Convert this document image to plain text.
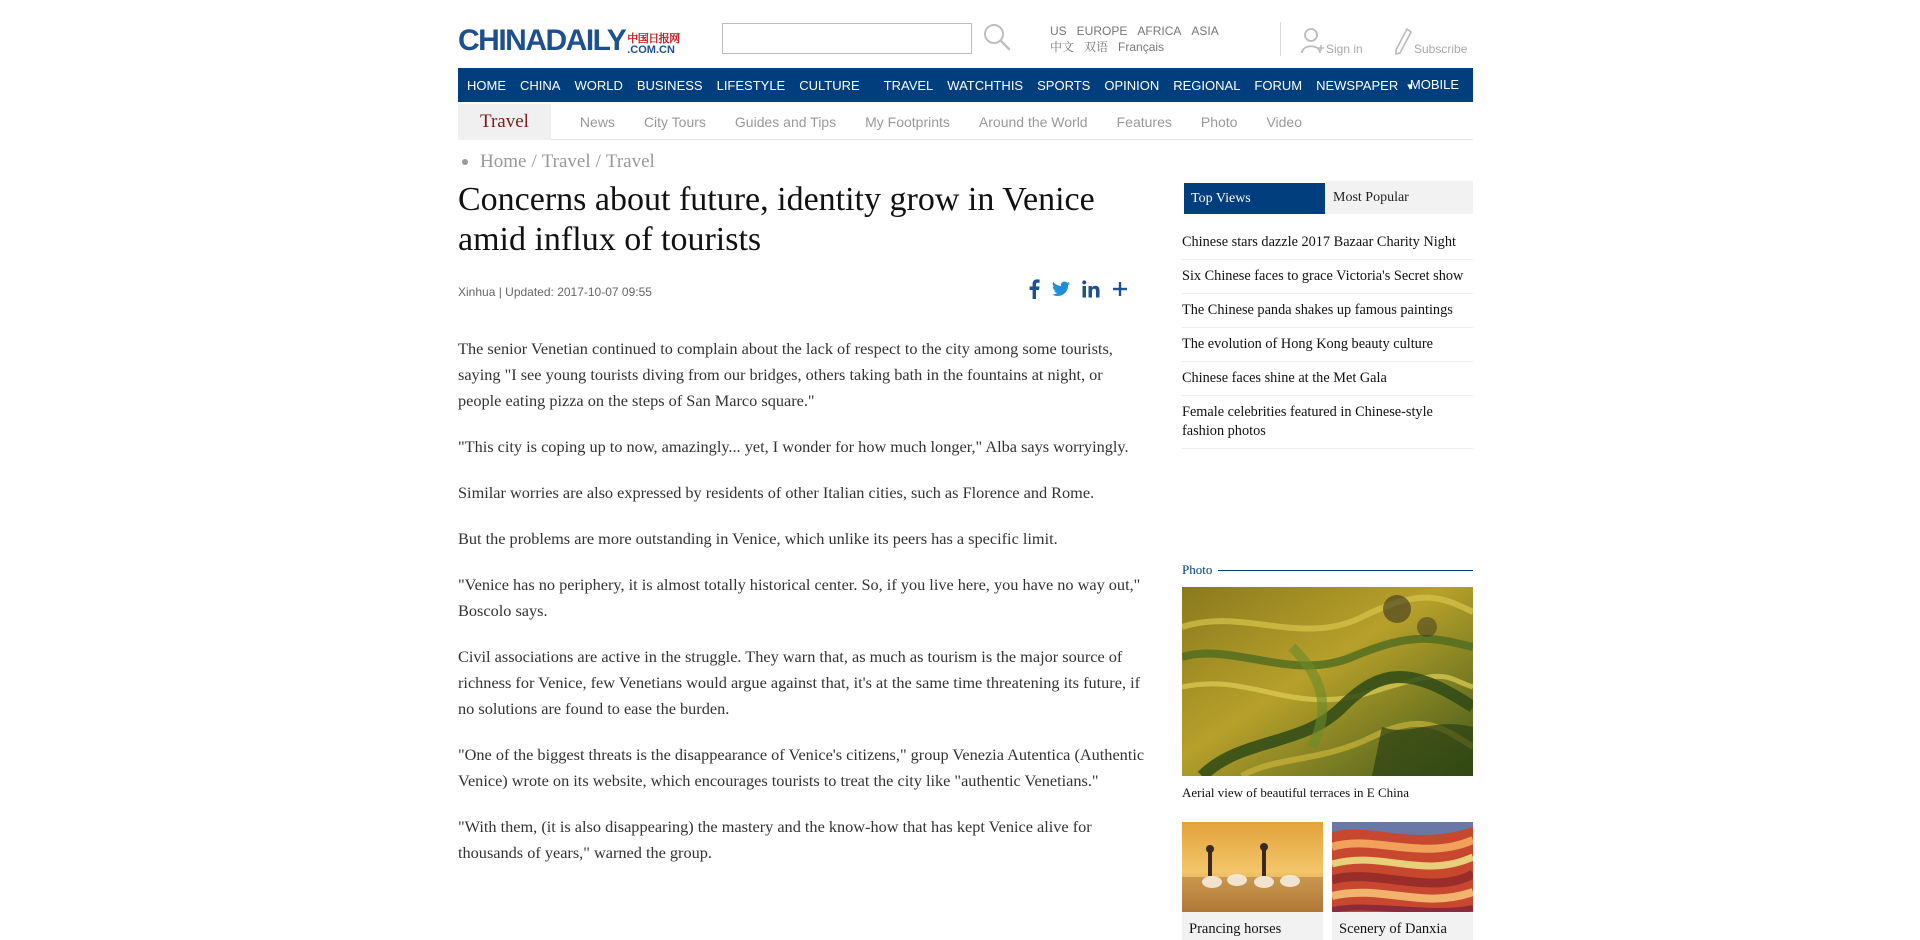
CHINA DAILY 中国日报网
.COM.CN
US EUROPE AFRICA ASIA
中文 双语 Français	Sign in	Subscribe
HOME CHINA WORLD BUSINESS LIFESTYLE CULTURE TRAVEL WATCHTHIS SPORTS OPINION REGIONAL FORUM NEWSPAPER ▾ MOBILE
Travel	News City Tours Guides and Tips My Footprints Around the World Features Photo Video
Home / Travel / Travel
Concerns about future, identity grow in Venice amid influx of tourists
Xinhua | Updated: 2017-10-07 09:55

The senior Venetian continued to complain about the lack of respect to the city among some tourists, saying "I see young tourists diving from our bridges, others taking bath in the fountains at night, or people eating pizza on the steps of San Marco square."

"This city is coping up to now, amazingly... yet, I wonder for how much longer," Alba says worryingly.

Similar worries are also expressed by residents of other Italian cities, such as Florence and Rome.

But the problems are more outstanding in Venice, which unlike its peers has a specific limit.

"Venice has no periphery, it is almost totally historical center. So, if you live here, you have no way out," Boscolo says.

Civil associations are active in the struggle. They warn that, as much as tourism is the major source of richness for Venice, few Venetians would argue against that, it's at the same time threatening its future, if no solutions are found to ease the burden.

"One of the biggest threats is the disappearance of Venice's citizens," group Venezia Autentica (Authentic Venice) wrote on its website, which encourages tourists to treat the city like "authentic Venetians."

"With them, (it is also disappearing) the mastery and the know-how that has kept Venice alive for thousands of years," warned the group.

Top Views	Most Popular
Chinese stars dazzle 2017 Bazaar Charity Night
Six Chinese faces to grace Victoria's Secret show
The Chinese panda shakes up famous paintings
The evolution of Hong Kong beauty culture
Chinese faces shine at the Met Gala
Female celebrities featured in Chinese-style fashion photos
Photo
Aerial view of beautiful terraces in E China
Prancing horses	Scenery of Danxia
